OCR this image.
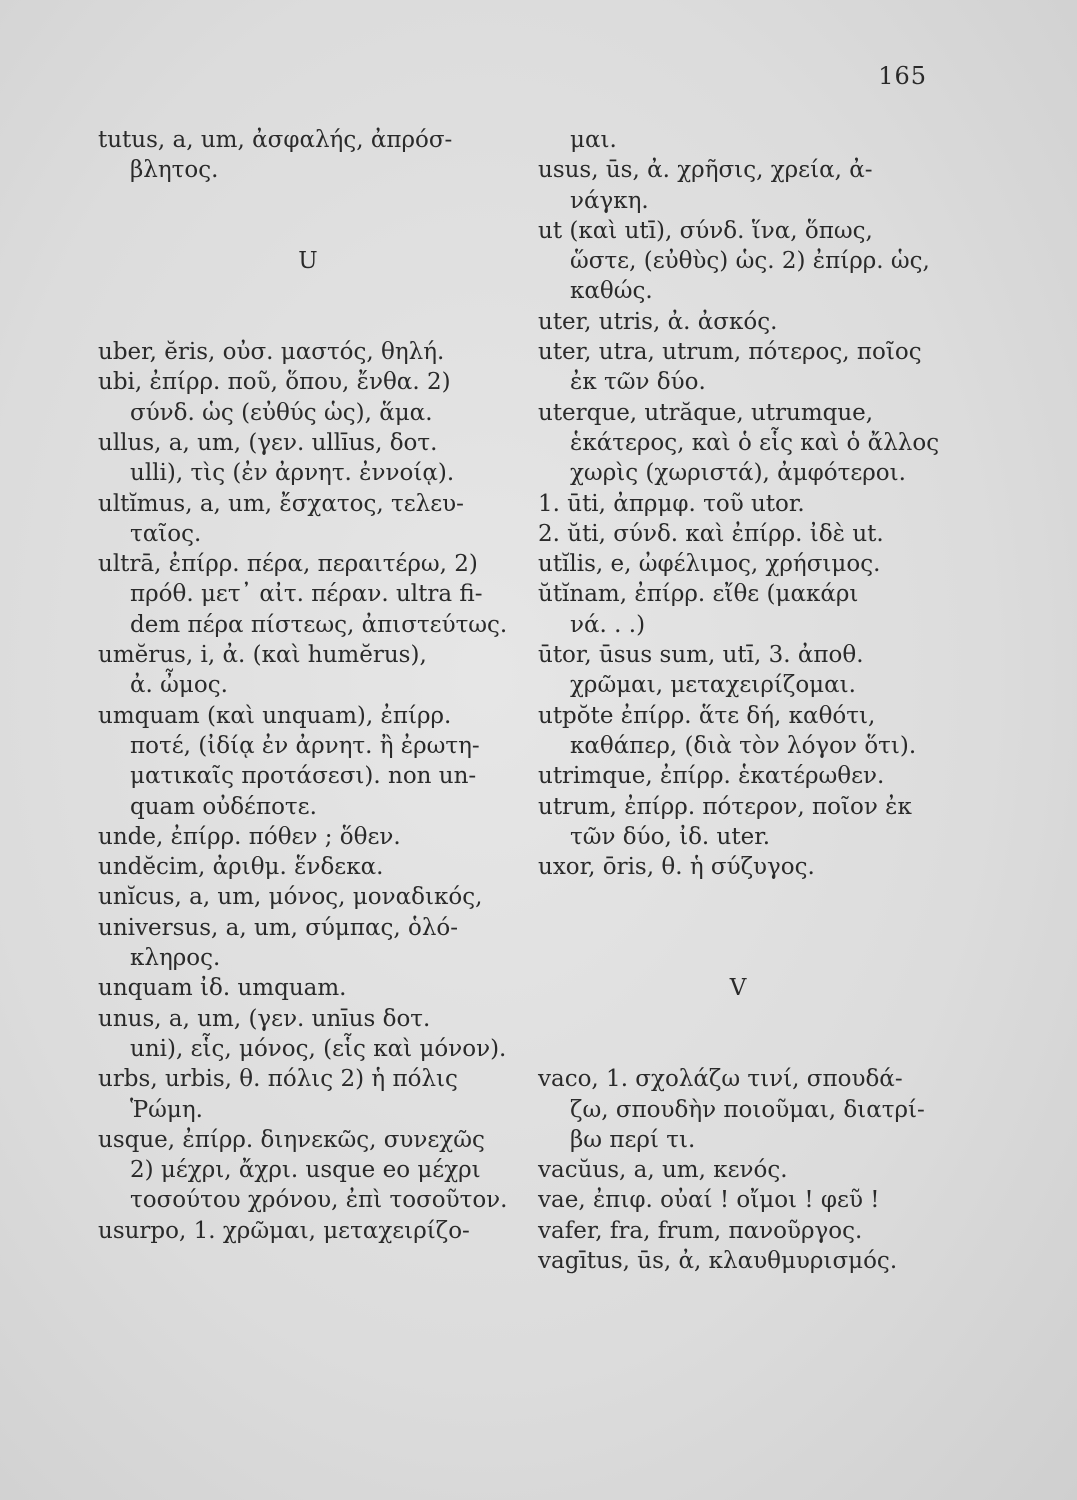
165
tutus, a, um, ἀσφαλής, ἀπρόσ-
βλητος.
U
uber, ĕris, οὐσ. μαστός, θηλή.
ubi, ἐπίρρ. ποῦ, ὅπου, ἔνθα. 2)
σύνδ. ὡς (εὐθύς ὡς), ἅμα.
ullus, a, um, (γεν. ullīus, δοτ.
ulli), τὶς (ἐν ἀρνητ. ἐννοίᾳ).
ultĭmus, a, um, ἔσχατος, τελευ-
ταῖος.
ultrā, ἐπίρρ. πέρα, περαιτέρω, 2)
πρόθ. μετ᾽ αἰτ. πέραν. ultra fi-
dem πέρα πίστεως, ἀπιστεύτως.
umĕrus, i, ἀ. (καὶ humĕrus),
ἀ. ὦμος.
umquam (καὶ unquam), ἐπίρρ.
ποτέ, (ἰδίᾳ ἐν ἀρνητ. ἢ ἐρωτη-
ματικαῖς προτάσεσι). non un-
quam οὐδέποτε.
unde, ἐπίρρ. πόθεν ; ὅθεν.
undĕcim, ἀριθμ. ἕνδεκα.
unĭcus, a, um, μόνος, μοναδικός,
universus, a, um, σύμπας, ὁλό-
κληρος.
unquam ἰδ. umquam.
unus, a, um, (γεν. unīus δοτ.
uni), εἷς, μόνος, (εἷς καὶ μόνον).
urbs, urbis, θ. πόλις 2) ἡ πόλις
Ῥώμη.
usque, ἐπίρρ. διηνεκῶς, συνεχῶς
2) μέχρι, ἄχρι. usque eo μέχρι
τοσούτου χρόνου, ἐπὶ τοσοῦτον.
usurpo, 1. χρῶμαι, μεταχειρίζο-
μαι.
usus, ūs, ἀ. χρῆσις, χρεία, ἀ-
νάγκη.
ut (καὶ utī), σύνδ. ἵνα, ὅπως,
ὥστε, (εὐθὺς) ὡς. 2) ἐπίρρ. ὡς,
καθώς.
uter, utris, ἀ. ἀσκός.
uter, utra, utrum, πότερος, ποῖος
ἐκ τῶν δύο.
uterque, utrăque, utrumque,
ἑκάτερος, καὶ ὁ εἷς καὶ ὁ ἄλλος
χωρὶς (χωριστά), ἀμφότεροι.
1. ūti, ἀπρμφ. τοῦ utor.
2. ŭti, σύνδ. καὶ ἐπίρρ. ἰδὲ ut.
utĭlis, e, ὠφέλιμος, χρήσιμος.
ŭtĭnam, ἐπίρρ. εἴθε (μακάρι
νά. . .)
ūtor, ūsus sum, utī, 3. ἀποθ.
χρῶμαι, μεταχειρίζομαι.
utpŏte ἐπίρρ. ἅτε δή, καθότι,
καθάπερ, (διὰ τὸν λόγον ὅτι).
utrimque, ἐπίρρ. ἑκατέρωθεν.
utrum, ἐπίρρ. πότερον, ποῖον ἐκ
τῶν δύο, ἰδ. uter.
uxor, ōris, θ. ἡ σύζυγος.
V
vaco, 1. σχολάζω τινί, σπουδά-
ζω, σπουδὴν ποιοῦμαι, διατρί-
βω περί τι.
vacŭus, a, um, κενός.
vae, ἐπιφ. οὐαί ! οἴμοι ! φεῦ !
vafer, fra, frum, πανοῦργος.
vagītus, ūs, ἀ, κλαυθμυρισμός.
